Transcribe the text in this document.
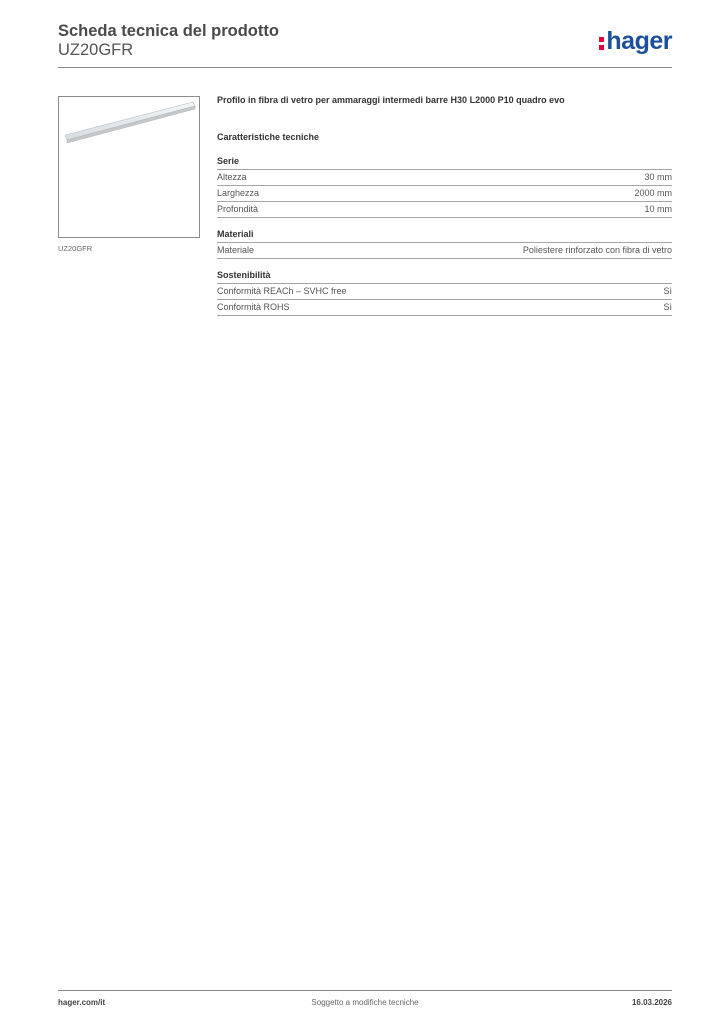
Scheda tecnica del prodotto
UZ20GFR	hager
UZ20GFR
Profilo in fibra di vetro per ammaraggi intermedi barre H30 L2000 P10 quadro evo
Caratteristiche tecniche
Serie
Altezza	30 mm
Larghezza	2000 mm
Profondità	10 mm
Materiali
Materiale	Poliestere rinforzato con fibra di vetro
Sostenibilità
Conformità REACh – SVHC free	Sì
Conformità ROHS	Sì
hager.com/it	Soggetto a modifiche tecniche	16.03.2026
